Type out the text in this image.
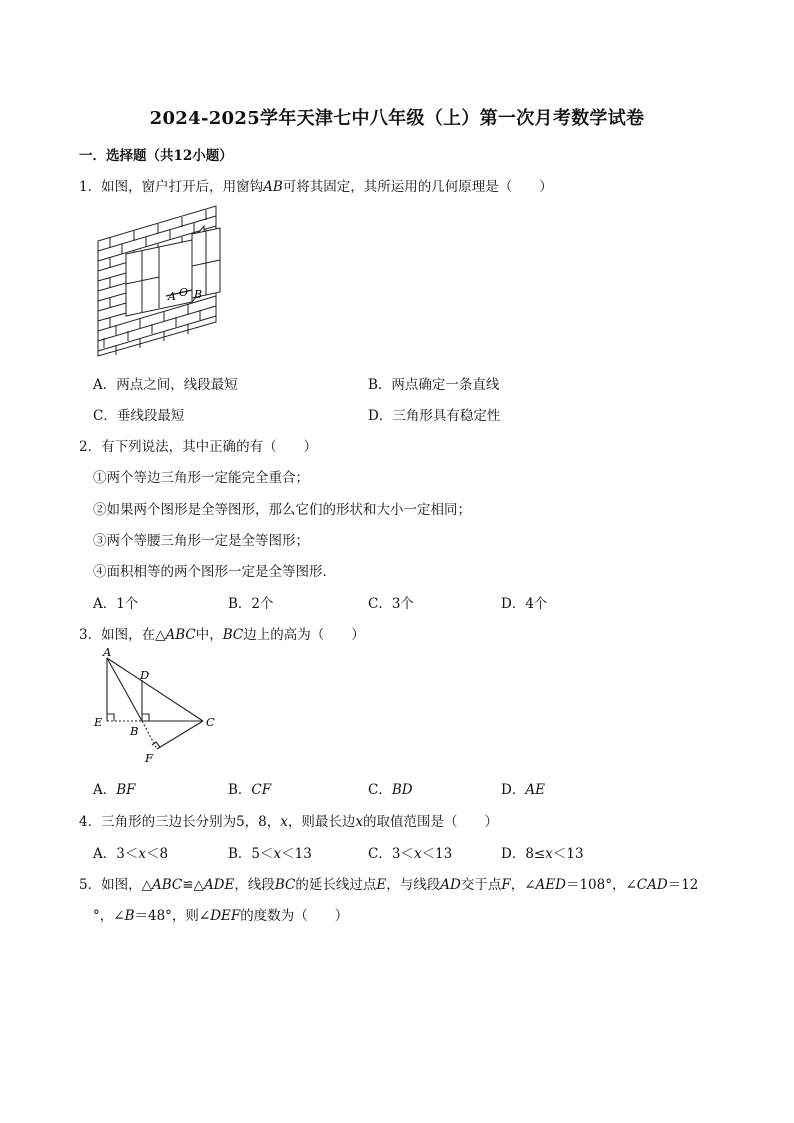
2024-2025学年天津七中八年级（上）第一次月考数学试卷
一．选择题（共12小题）
1．如图，窗户打开后，用窗钩AB可将其固定，其所运用的几何原理是（　　）
A O B
A．两点之间，线段最短	B．两点确定一条直线
C．垂线段最短	D．三角形具有稳定性
2．有下列说法，其中正确的有（　　）
①两个等边三角形一定能完全重合；
②如果两个图形是全等图形，那么它们的形状和大小一定相同；
③两个等腰三角形一定是全等图形；
④面积相等的两个图形一定是全等图形．
A．1个	B．2个	C．3个	D．4个
3．如图，在△ABC中，BC边上的高为（　　）
A
D
E
B
C
F
A．BF	B．CF	C．BD	D．AE
4．三角形的三边长分别为5，8，x，则最长边x的取值范围是（　　）
A．3＜x＜8	B．5＜x＜13	C．3＜x＜13	D．8≤x＜13
5．如图，△ABC≌△ADE，线段BC的延长线过点E，与线段AD交于点F，∠AED＝108°，∠CAD＝12
°，∠B＝48°，则∠DEF的度数为（　　）
